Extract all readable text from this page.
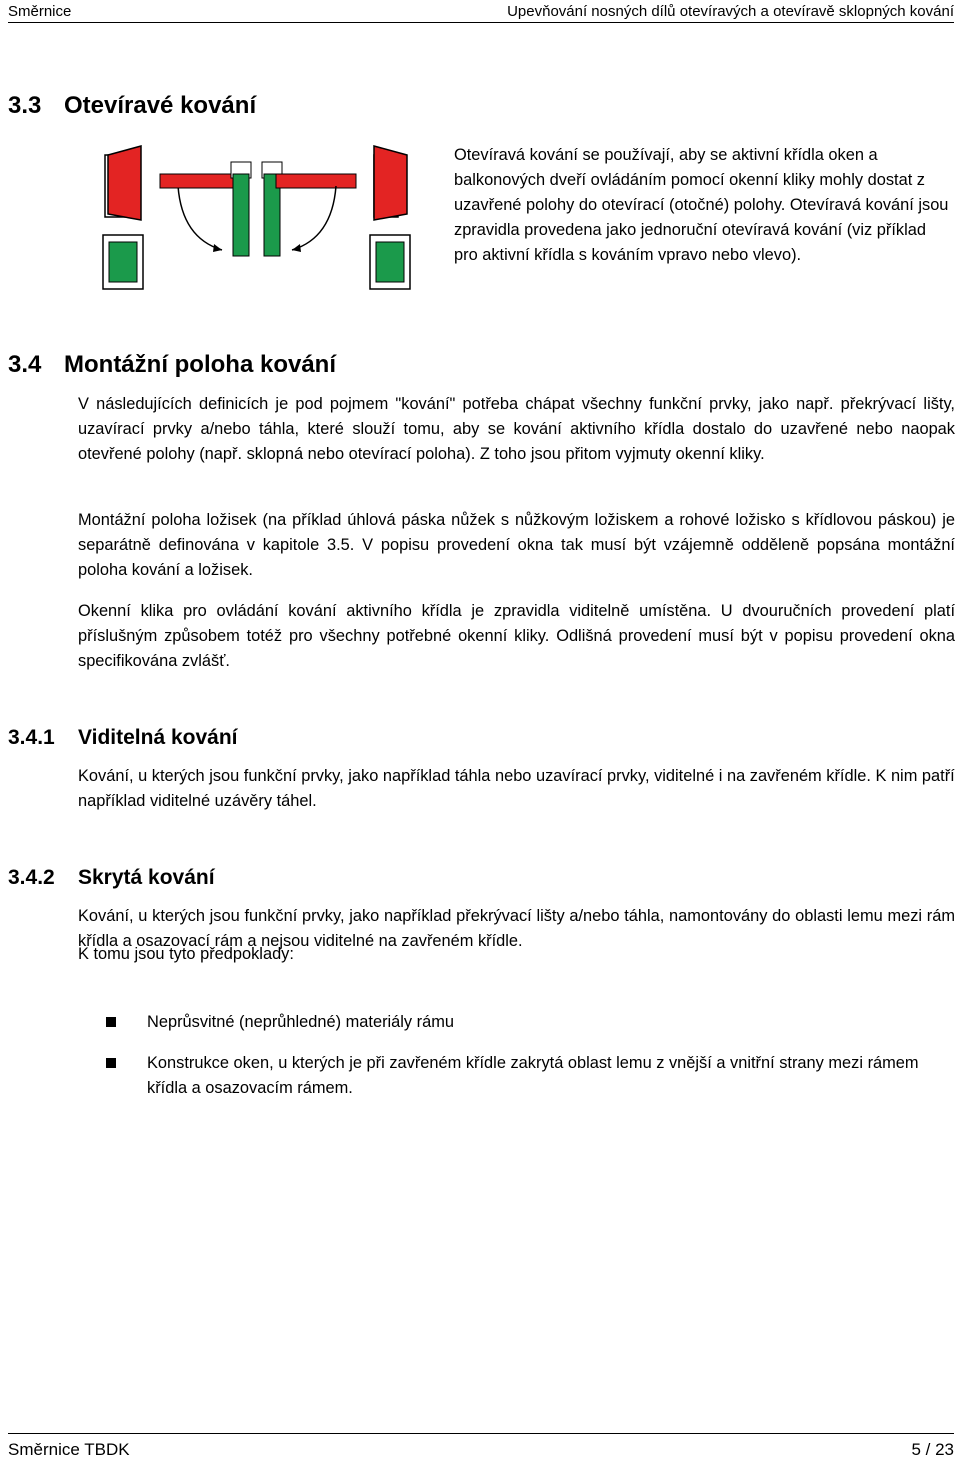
Směrnice	Upevňování nosných dílů otevíravých a otevíravě sklopných kování
3.3 Otevíravé kování

Otevíravá kování se používají, aby se aktivní křídla oken a balkonových dveří ovládáním pomocí okenní kliky mohly dostat z uzavřené polohy do otevírací (otočné) polohy. Otevíravá kování jsou zpravidla provedena jako jednoruční otevíravá kování (viz příklad pro aktivní křídla s kováním vpravo nebo vlevo).

3.4 Montážní poloha kování

V následujících definicích je pod pojmem "kování" potřeba chápat všechny funkční prvky, jako např. překrývací lišty, uzavírací prvky a/nebo táhla, které slouží tomu, aby se kování aktivního křídla dostalo do uzavřené nebo naopak otevřené polohy (např. sklopná nebo otevírací poloha). Z toho jsou přitom vyjmuty okenní kliky.

Montážní poloha ložisek (na příklad úhlová páska nůžek s nůžkovým ložiskem a rohové ložisko s křídlovou páskou) je separátně definována v kapitole 3.5. V popisu provedení okna tak musí být vzájemně odděleně popsána montážní poloha kování a ložisek.

Okenní klika pro ovládání kování aktivního křídla je zpravidla viditelně umístěna. U dvouručních provedení platí příslušným způsobem totéž pro všechny potřebné okenní kliky. Odlišná provedení musí být v popisu provedení okna specifikována zvlášť.

3.4.1 Viditelná kování

Kování, u kterých jsou funkční prvky, jako například táhla nebo uzavírací prvky, viditelné i na zavřeném křídle. K nim patří například viditelné uzávěry táhel.

3.4.2 Skrytá kování

Kování, u kterých jsou funkční prvky, jako například překrývací lišty a/nebo táhla, namontovány do oblasti lemu mezi rám křídla a osazovací rám a nejsou viditelné na zavřeném křídle.

K tomu jsou tyto předpoklady:

Neprůsvitné (neprůhledné) materiály rámu

Konstrukce oken, u kterých je při zavřeném křídle zakrytá oblast lemu z vnější a vnitřní strany mezi rámem křídla a osazovacím rámem.

Směrnice TBDK	5 / 23
